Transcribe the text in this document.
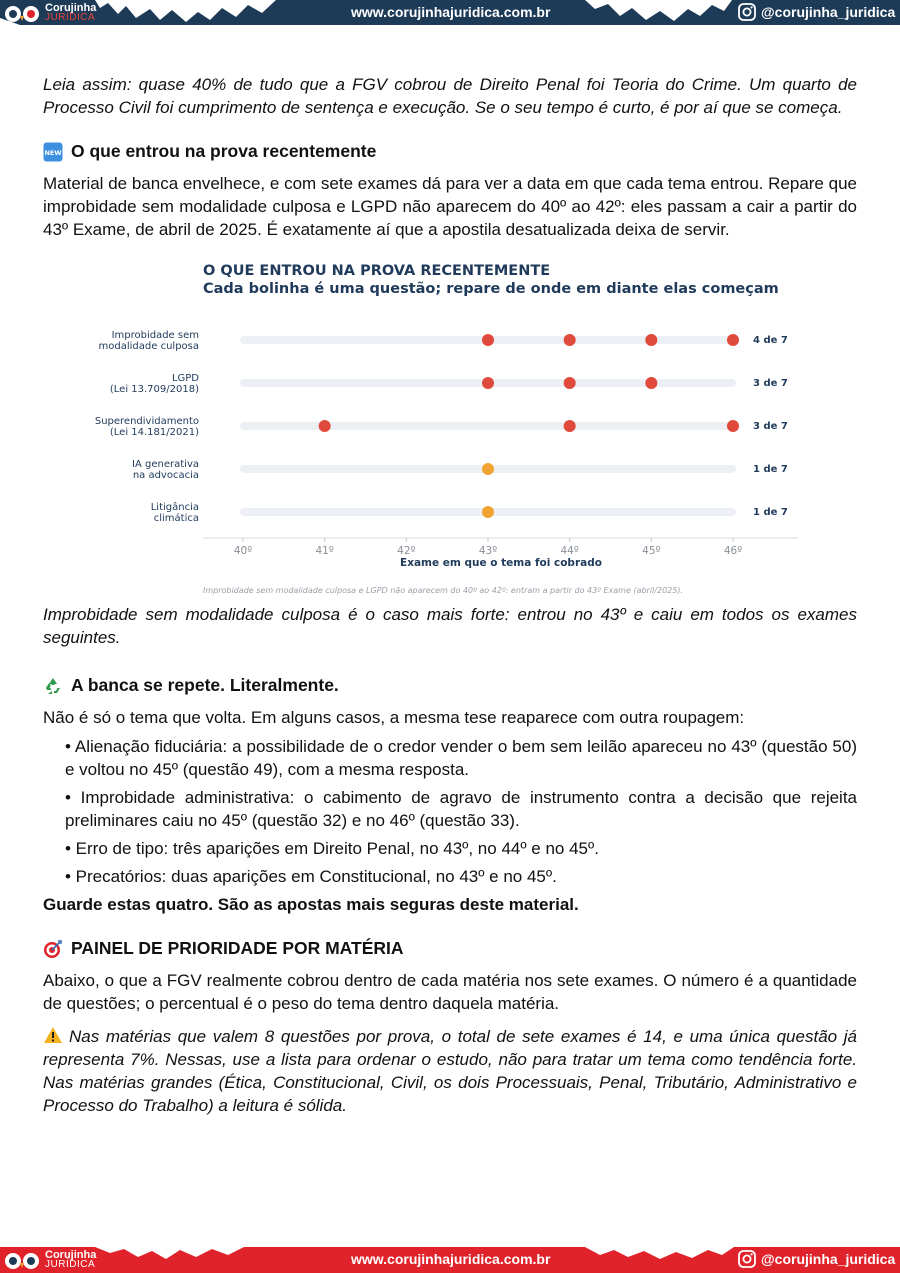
Corujinha
JURÍDICA	www.corujinhajuridica.com.br	@corujinha_juridica

Leia assim: quase 40% de tudo que a FGV cobrou de Direito Penal foi Teoria do Crime. Um quarto de Processo Civil foi cumprimento de sentença e execução. Se o seu tempo é curto, é por aí que se começa.

NEW O que entrou na prova recentemente

Material de banca envelhece, e com sete exames dá para ver a data em que cada tema entrou. Repare que improbidade sem modalidade culposa e LGPD não aparecem do 40º ao 42º: eles passam a cair a partir do 43º Exame, de abril de 2025. É exatamente aí que a apostila desatualizada deixa de servir.

O QUE ENTROU NA PROVA RECENTEMENTE
Cada bolinha é uma questão; repare de onde em diante elas começam
Improbidade sem
modalidade culposa
4 de 7
LGPD
(Lei 13.709/2018)
3 de 7
Superendividamento
(Lei 14.181/2021)
3 de 7
IA generativa
na advocacia
1 de 7
Litigância
climática
1 de 7
40º	41º	42º	43º	44º	45º	46º
Exame em que o tema foi cobrado
Improbidade sem modalidade culposa e LGPD não aparecem do 40º ao 42º: entram a partir do 43º Exame (abril/2025).

Improbidade sem modalidade culposa é o caso mais forte: entrou no 43º e caiu em todos os exames seguintes.

A banca se repete. Literalmente.

Não é só o tema que volta. Em alguns casos, a mesma tese reaparece com outra roupagem:

• Alienação fiduciária: a possibilidade de o credor vender o bem sem leilão apareceu no 43º (questão 50) e voltou no 45º (questão 49), com a mesma resposta.
• Improbidade administrativa: o cabimento de agravo de instrumento contra a decisão que rejeita preliminares caiu no 45º (questão 32) e no 46º (questão 33).
• Erro de tipo: três aparições em Direito Penal, no 43º, no 44º e no 45º.
• Precatórios: duas aparições em Constitucional, no 43º e no 45º.

Guarde estas quatro. São as apostas mais seguras deste material.

PAINEL DE PRIORIDADE POR MATÉRIA

Abaixo, o que a FGV realmente cobrou dentro de cada matéria nos sete exames. O número é a quantidade de questões; o percentual é o peso do tema dentro daquela matéria.

Nas matérias que valem 8 questões por prova, o total de sete exames é 14, e uma única questão já representa 7%. Nessas, use a lista para ordenar o estudo, não para tratar um tema como tendência forte. Nas matérias grandes (Ética, Constitucional, Civil, os dois Processuais, Penal, Tributário, Administrativo e Processo do Trabalho) a leitura é sólida.

Corujinha
JURÍDICA	www.corujinhajuridica.com.br	@corujinha_juridica
